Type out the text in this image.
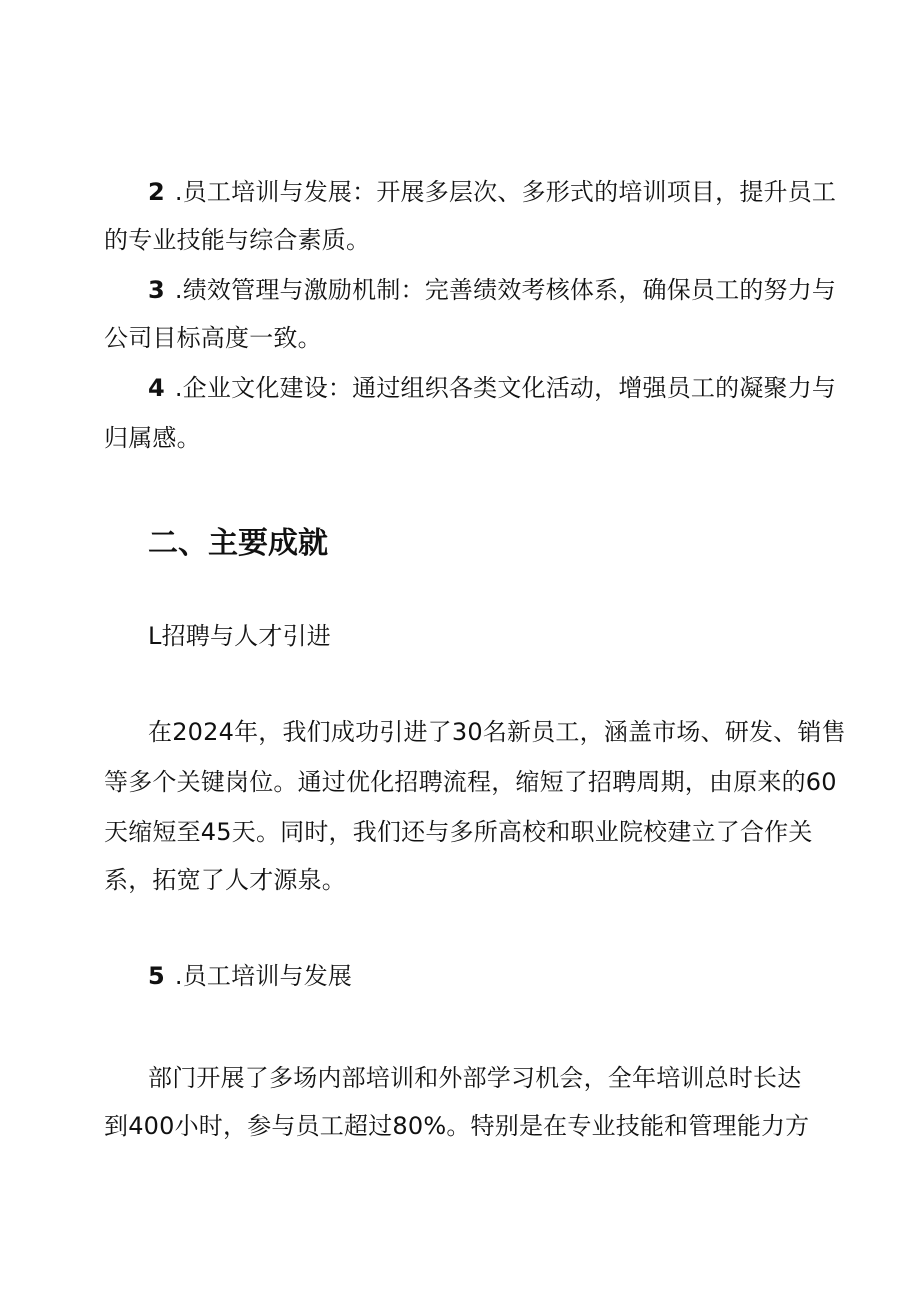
2 .员工培训与发展：开展多层次、多形式的培训项目，提升员工
的专业技能与综合素质。
3 .绩效管理与激励机制：完善绩效考核体系，确保员工的努力与
公司目标高度一致。
4 .企业文化建设：通过组织各类文化活动，增强员工的凝聚力与
归属感。
二、主要成就
L招聘与人才引进
在2024年，我们成功引进了30名新员工，涵盖市场、研发、销售
等多个关键岗位。通过优化招聘流程，缩短了招聘周期，由原来的60
天缩短至45天。同时，我们还与多所高校和职业院校建立了合作关
系，拓宽了人才源泉。
5 .员工培训与发展
部门开展了多场内部培训和外部学习机会，全年培训总时长达
到400小时，参与员工超过80%。特别是在专业技能和管理能力方
